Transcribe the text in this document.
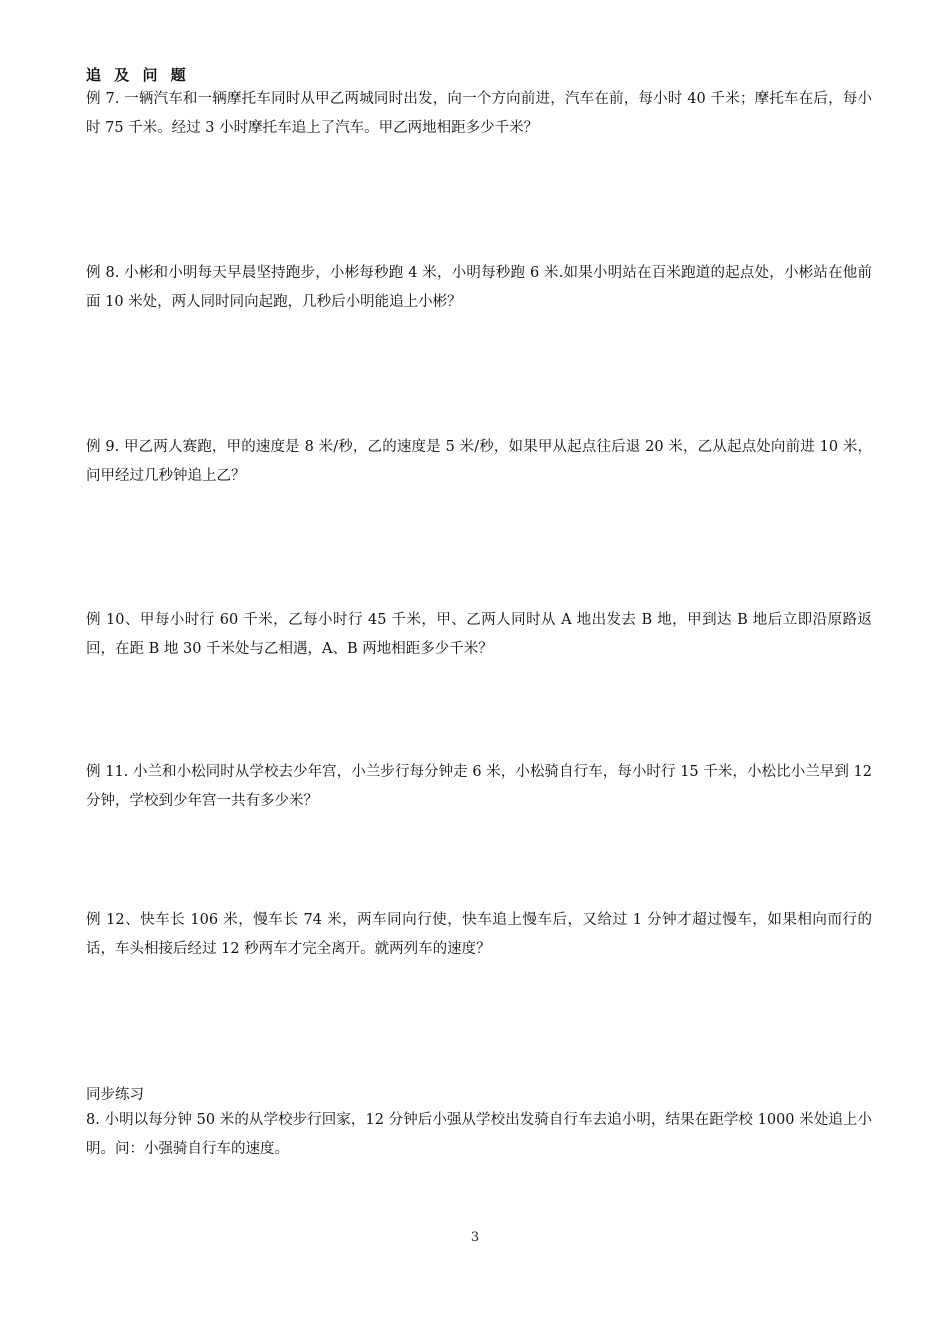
追 及 问 题
例 7. 一辆汽车和一辆摩托车同时从甲乙两城同时出发，向一个方向前进，汽车在前，每小时 40 千米；摩托车在后，每小时 75 千米。经过 3 小时摩托车追上了汽车。甲乙两地相距多少千米？
例 8. 小彬和小明每天早晨坚持跑步，小彬每秒跑 4 米，小明每秒跑 6 米.如果小明站在百米跑道的起点处，小彬站在他前面 10 米处，两人同时同向起跑，几秒后小明能追上小彬？
例 9. 甲乙两人赛跑，甲的速度是 8 米/秒，乙的速度是 5 米/秒，如果甲从起点往后退 20 米，乙从起点处向前进 10 米，问甲经过几秒钟追上乙？
例 10、甲每小时行 60 千米，乙每小时行 45 千米，甲、乙两人同时从 A 地出发去 B 地，甲到达 B 地后立即沿原路返回，在距 B 地 30 千米处与乙相遇，A、B 两地相距多少千米？
例 11. 小兰和小松同时从学校去少年宫，小兰步行每分钟走 6 米，小松骑自行车，每小时行 15 千米，小松比小兰早到 12 分钟，学校到少年宫一共有多少米？
例 12、快车长 106 米，慢车长 74 米，两车同向行使，快车追上慢车后，又给过 1 分钟才超过慢车，如果相向而行的话，车头相接后经过 12 秒两车才完全离开。就两列车的速度？
同步练习
8. 小明以每分钟 50 米的从学校步行回家，12 分钟后小强从学校出发骑自行车去追小明，结果在距学校 1000 米处追上小明。问：小强骑自行车的速度。
3
